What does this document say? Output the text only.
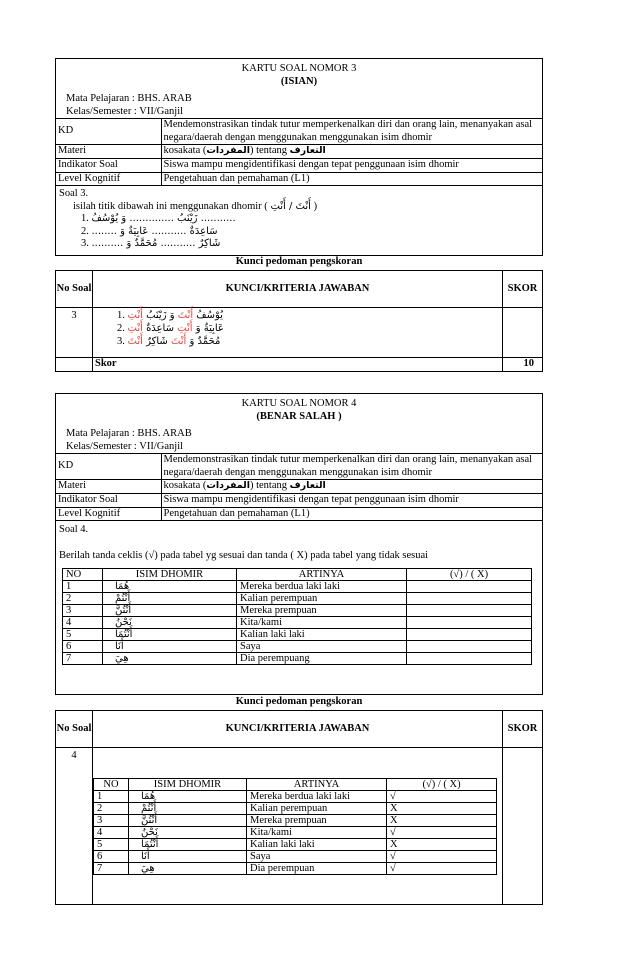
KARTU SOAL NOMOR 3
(ISIAN)
Mata Pelajaran : BHS. ARAB
Kelas/Semester : VII/Ganjil
KD	Mendemonstrasikan tindak tutur memperkenalkan diri dan orang lain, menanyakan asal negara/daerah dengan menggunakan menggunakan isim dhomir
Materi	kosakata (المفردات) tentang التعارف
Indikator Soal	Siswa mampu mengidentifikasi dengan tepat penggunaan isim dhomir
Level Kognitif	Pengetahuan dan pemahaman (L1)
Soal 3.
isilah titik dibawah ini menggunakan dhomir ( أَنْتَ / أَنْتِ )
1. زَيْنَبُ .............. وَ يُوْسُفُ ...........
2. ........ سَاعِدَةٌ ........... عَابِيَةٌ وَ
3. .......... شَاكِرٌ ........... مُحَمَّدٌ وَ
Kunci pedoman pengskoran
No Soal	KUNCI/KRITERIA JAWABAN	SKOR
3	1. يُوْسُفُ أَنْتَ وَ زَيْنَبُ أَنْتِ
2. عَابِيَةٌ وَ أَنْتِ سَاعِدَةٌ أَنْتِ
3. مُحَمَّدٌ وَ أَنْتَ شَاكِرٌ أَنْتَ	

	Skor	10
KARTU SOAL NOMOR 4
(BENAR SALAH )
Mata Pelajaran : BHS. ARAB
Kelas/Semester : VII/Ganjil
KD	Mendemonstrasikan tindak tutur memperkenalkan diri dan orang lain, menanyakan asal negara/daerah dengan menggunakan menggunakan isim dhomir
Materi	kosakata (المفردات) tentang التعارف
Indikator Soal	Siswa mampu mengidentifikasi dengan tepat penggunaan isim dhomir
Level Kognitif	Pengetahuan dan pemahaman (L1)
Soal 4.
Berilah tanda ceklis (√) pada tabel yg sesuai dan tanda ( X) pada tabel yang tidak sesuai
NO	ISIM DHOMIR	ARTINYA	(√) / ( X)
1	هُمَا	Mereka berdua laki laki	
2	أَنْتُمْ	Kalian perempuan	
3	أَنْتُنَّ	Mereka prempuan	
4	نَحْنُ	Kita/kami	
5	أَنْتُمَا	Kalian laki laki	
6	أَنَا	Saya	
7	هِيَ	Dia perempuang	
Kunci pedoman pengskoran
No Soal	KUNCI/KRITERIA JAWABAN	SKOR
4	
NO	ISIM DHOMIR	ARTINYA	(√) / ( X)
1	هُمَا	Mereka berdua laki laki	√
2	أَنْتُمْ	Kalian perempuan	X
3	أَنْتُنَّ	Mereka prempuan	X
4	نَحْنُ	Kita/kami	√
5	أَنْتُمَا	Kalian laki laki	X
6	أَنَا	Saya	√
7	هِيَ	Dia perempuan	√
